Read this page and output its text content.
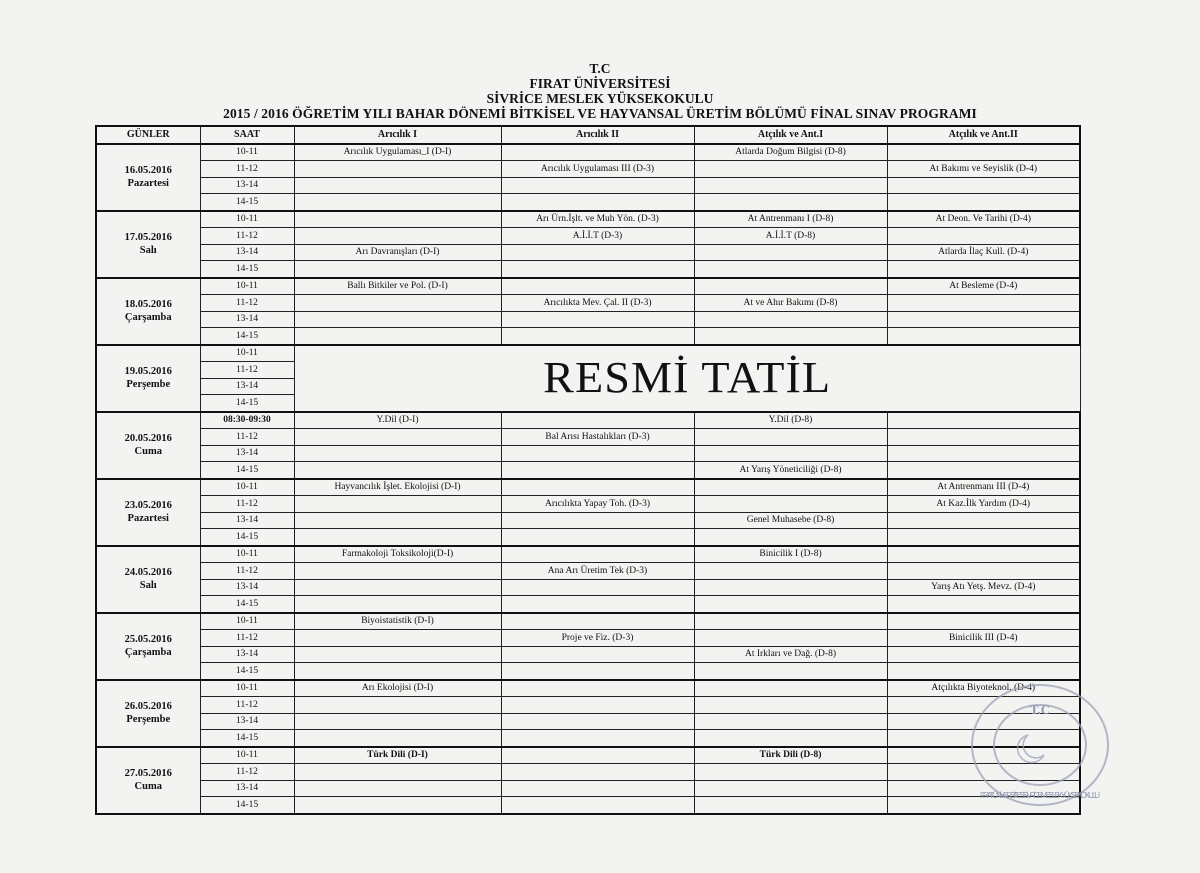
T.C
FIRAT ÜNİVERSİTESİ
SİVRİCE MESLEK YÜKSEKOKULU
2015 / 2016 ÖĞRETİM YILI BAHAR DÖNEMİ BİTKİSEL VE HAYVANSAL ÜRETİM BÖLÜMÜ FİNAL SINAV PROGRAMI
GÜNLER	SAAT	Arıcılık I	Arıcılık II	Atçılık ve Ant.I	Atçılık ve Ant.II

16.05.2016
Pazartesi	10-11	Arıcılık Uygulaması_I (D-I)		Atlarda Doğum Bilgisi (D-8)	
	11-12		Arıcılık Uygulaması III (D-3)		At Bakımı ve Seyislik (D-4)
	13-14				
	14-15				

17.05.2016
Salı	10-11		Arı Ürn.İşlt. ve Muh Yön. (D-3)	At Antrenmanı I (D-8)	At Deon. Ve Tarihi (D-4)
	11-12		A.İ.İ.T (D-3)	A.İ.İ.T (D-8)	
	13-14	Arı Davranışları (D-I)			Atlarda İlaç Kull. (D-4)
	14-15				

18.05.2016
Çarşamba	10-11	Ballı Bitkiler ve Pol. (D-I)			At Besleme (D-4)
	11-12		Arıcılıkta Mev. Çal. II (D-3)	At ve Ahır Bakımı (D-8)	
	13-14				
	14-15				

19.05.2016
Perşembe	10-11	RESMİ TATİL			
	11-12				
	13-14				
	14-15				

20.05.2016
Cuma	08:30-09:30	Y.Dil (D-I)		Y.Dil (D-8)	
	11-12		Bal Arısı Hastalıkları (D-3)		
	13-14				
	14-15			At Yarış Yöneticiliği (D-8)	

23.05.2016
Pazartesi	10-11	Hayvancılık İşlet. Ekolojisi (D-I)			At Antrenmanı III (D-4)
	11-12		Arıcılıkta Yapay Toh. (D-3)		At Kaz.İlk Yardım (D-4)
	13-14			Genel Muhasebe (D-8)	
	14-15				

24.05.2016
Salı	10-11	Farmakoloji Toksikoloji(D-I)		Binicilik I (D-8)	
	11-12		Ana Arı Üretim Tek (D-3)		
	13-14				Yarış Atı Yetş. Mevz. (D-4)
	14-15				

25.05.2016
Çarşamba	10-11	Biyoistatistik (D-I)			
	11-12		Proje ve Fiz. (D-3)		Binicilik III (D-4)
	13-14			At Irkları ve Dağ. (D-8)	
	14-15				

26.05.2016
Perşembe	10-11	Arı Ekolojisi (D-I)			Atçılıkta Biyoteknol. (D-4)
	11-12				
	13-14				
	14-15				

27.05.2016
Cuma	10-11	Türk Dili (D-I)		Türk Dili (D-8)	
	11-12				
	13-14				
	14-15				
T.C
FIRAT ÜNİVERSİTESİ SİVRİCE MESLEK YÜKSEKOKULU
